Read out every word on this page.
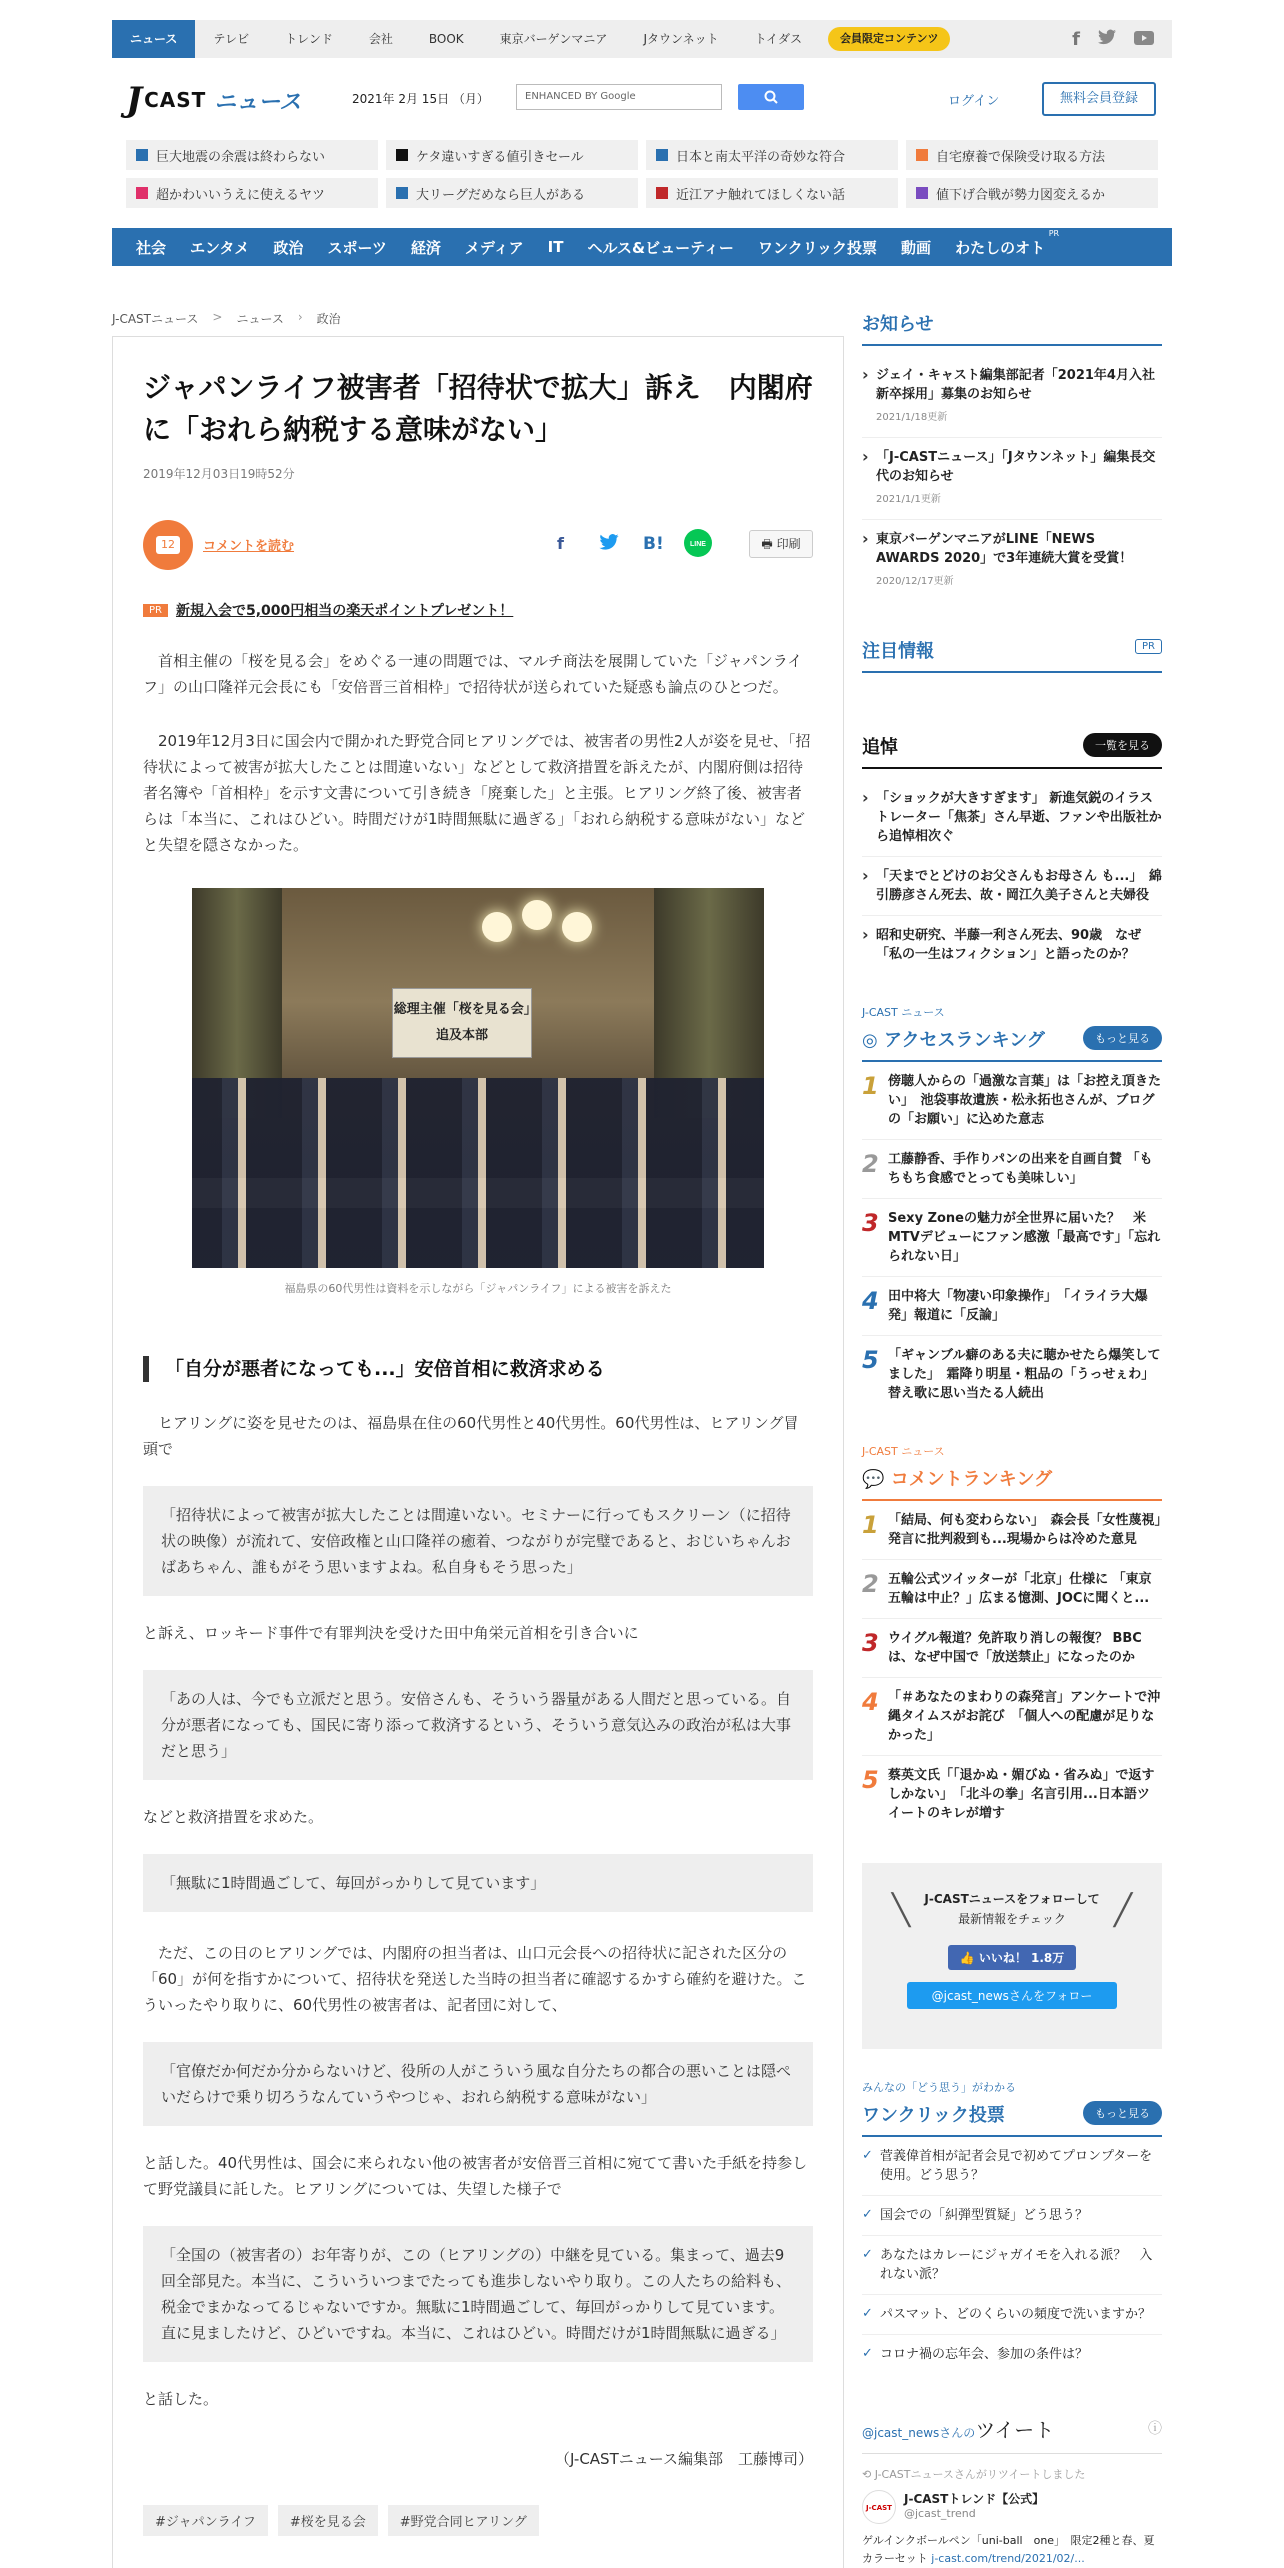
ニュース	テレビ	トレンド	会社	BOOK	東京バーゲンマニア	Jタウンネット	トイダス	会員限定コンテンツ	f
J CAST ニュース	2021年 2月 15日 （月）	ENHANCED BY Google	ログイン	無料会員登録
巨大地震の余震は終わらない	ケタ違いすぎる値引きセール	日本と南太平洋の奇妙な符合	自宅療養で保険受け取る方法
超かわいいうえに使えるヤツ	大リーグだめなら巨人がある	近江アナ触れてほしくない話	値下げ合戦が勢力図変えるか
社会	エンタメ	政治	スポーツ	経済	メディア	IT	ヘルス&ビューティー	ワンクリック投票	動画	わたしのオト
PR
J-CASTニュース > ニュース › 政治
ジャパンライフ被害者「招待状で拡大」訴え　内閣府に「おれら納税する意味がない」
2019年12月03日19時52分
12	コメントを読む	f	B!	LINE	🖶 印刷
PR	新規入会で5,000円相当の楽天ポイントプレゼント！

首相主催の「桜を見る会」をめぐる一連の問題では、マルチ商法を展開していた「ジャパンライフ」の山口隆祥元会長にも「安倍晋三首相枠」で招待状が送られていた疑惑も論点のひとつだ。

2019年12月3日に国会内で開かれた野党合同ヒアリングでは、被害者の男性2人が姿を見せ、「招待状によって被害が拡大したことは間違いない」などとして救済措置を訴えたが、内閣府側は招待者名簿や「首相枠」を示す文書について引き続き「廃棄した」と主張。ヒアリング終了後、被害者らは「本当に、これはひどい。時間だけが1時間無駄に過ぎる」「おれら納税する意味がない」などと失望を隠さなかった。

総理主催「桜を見る会」追及本部
福島県の60代男性は資料を示しながら「ジャパンライフ」による被害を訴えた
「自分が悪者になっても...」安倍首相に救済求める

ヒアリングに姿を見せたのは、福島県在住の60代男性と40代男性。60代男性は、ヒアリング冒頭で

「招待状によって被害が拡大したことは間違いない。セミナーに行ってもスクリーン（に招待状の映像）が流れて、安倍政権と山口隆祥の癒着、つながりが完璧であると、おじいちゃんおばあちゃん、誰もがそう思いますよね。私自身もそう思った」

と訴え、ロッキード事件で有罪判決を受けた田中角栄元首相を引き合いに

「あの人は、今でも立派だと思う。安倍さんも、そういう器量がある人間だと思っている。自分が悪者になっても、国民に寄り添って救済するという、そういう意気込みの政治が私は大事だと思う」

などと救済措置を求めた。

「無駄に1時間過ごして、毎回がっかりして見ています」

ただ、この日のヒアリングでは、内閣府の担当者は、山口元会長への招待状に記された区分の「60」が何を指すかについて、招待状を発送した当時の担当者に確認するかすら確約を避けた。こういったやり取りに、60代男性の被害者は、記者団に対して、

「官僚だか何だか分からないけど、役所の人がこういう風な自分たちの都合の悪いことは隠ぺいだらけで乗り切ろうなんていうやつじゃ、おれら納税する意味がない」

と話した。40代男性は、国会に来られない他の被害者が安倍晋三首相に宛てて書いた手紙を持参して野党議員に託した。ヒアリングについては、失望した様子で

「全国の（被害者の）お年寄りが、この（ヒアリングの）中継を見ている。集まって、過去9回全部見た。本当に、こういういつまでたっても進歩しないやり取り。この人たちの給料も、税金でまかなってるじゃないですか。無駄に1時間過ごして、毎回がっかりして見ています。直に見ましたけど、ひどいですね。本当に、これはひどい。時間だけが1時間無駄に過ぎる」

と話した。

（J-CASTニュース編集部　工藤博司）

#ジャパンライフ	#桜を見る会	#野党合同ヒアリング
お知らせ
› ジェイ・キャスト編集部記者「2021年4月入社新卒採用」募集のお知らせ
2021/1/18更新
› 「J-CASTニュース」「Jタウンネット」編集長交代のお知らせ
2021/1/1更新
› 東京バーゲンマニアがLINE「NEWS AWARDS 2020」で3年連続大賞を受賞！
2020/12/17更新
注目情報	PR
追悼	一覧を見る
› 「ショックが大きすぎます」 新進気鋭のイラストレーター「焦茶」さん早逝、ファンや出版社から追悼相次ぐ
› 「天までとどけのお父さんもお母さん も...」　綿引勝彦さん死去、故・岡江久美子さんと夫婦役
› 昭和史研究、半藤一利さん死去、90歳　なぜ「私の一生はフィクション」と語ったのか？
J-CAST ニュース
◎ アクセスランキング	もっと見る
1 傍聴人からの「過激な言葉」は「お控え頂きたい」　池袋事故遺族・松永拓也さんが、ブログの「お願い」に込めた意志
2 工藤静香、手作りパンの出来を自画自賛 「もちもち食感でとっても美味しい」
3 Sexy Zoneの魅力が全世界に届いた？　米MTVデビューにファン感激「最高です」「忘れられない日」
4 田中将大「物凄い印象操作」　「イライラ大爆発」報道に「反論」
5 「ギャンブル癖のある夫に聴かせたら爆笑してました」　霜降り明星・粗品の「うっせぇわ」替え歌に思い当たる人続出
J-CAST ニュース
💬 コメントランキング
1 「結局、何も変わらない」　森会長「女性蔑視」発言に批判殺到も...現場からは冷めた意見
2 五輪公式ツイッターが「北京」仕様に 「東京五輪は中止？」広まる憶測、JOCに聞くと...
3 ウイグル報道？免許取り消しの報復？ BBCは、なぜ中国で「放送禁止」になったのか
4 「＃あなたのまわりの森発言」アンケートで沖縄タイムスがお詫び　「個人への配慮が足りなかった」
5 蔡英文氏「「退かぬ・媚びぬ・省みぬ」で返すしかない」　「北斗の拳」名言引用...日本語ツイートのキレが増す
╲	╱
J-CASTニュースをフォローして
最新情報をチェック
👍 いいね！ 1.8万
@jcast_newsさんをフォロー
みんなの「どう思う」がわかる
ワンクリック投票	もっと見る
✓ 菅義偉首相が記者会見で初めてプロンプターを使用。どう思う？
✓ 国会での「糾弾型質疑」どう思う？
✓ あなたはカレーにジャガイモを入れる派？　入れない派？
✓ パスマット、どのくらいの頻度で洗いますか？
✓ コロナ禍の忘年会、参加の条件は？
@jcast_newsさんのツイート	ⓘ
⟲ J-CASTニュースさんがリツイートしました
J-CAST
J-CASTトレンド【公式】
@jcast_trend
ゲルインクボールペン「uni-ball　one」　限定2種と春、夏カラーセット j-cast.com/trend/2021/02/...
